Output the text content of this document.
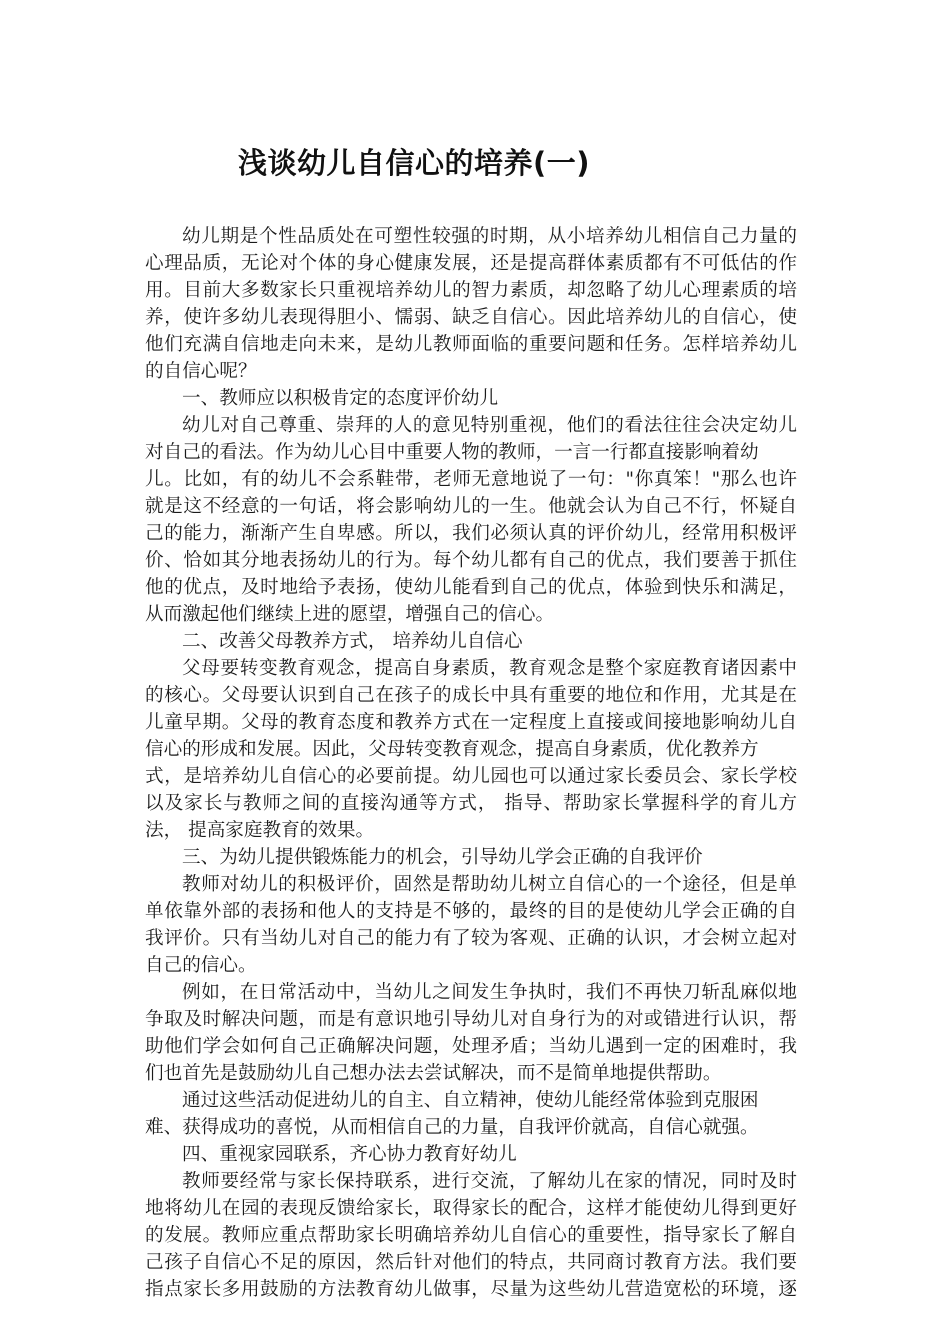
浅谈幼儿自信心的培养(一)
幼儿期是个性品质处在可塑性较强的时期，从小培养幼儿相信自己力量的
心理品质，无论对个体的身心健康发展，还是提高群体素质都有不可低估的作
用。目前大多数家长只重视培养幼儿的智力素质，却忽略了幼儿心理素质的培
养，使许多幼儿表现得胆小、懦弱、缺乏自信心。因此培养幼儿的自信心，使
他们充满自信地走向未来，是幼儿教师面临的重要问题和任务。怎样培养幼儿
的自信心呢？
一、教师应以积极肯定的态度评价幼儿
幼儿对自己尊重、崇拜的人的意见特别重视，他们的看法往往会决定幼儿
对自己的看法。作为幼儿心目中重要人物的教师，一言一行都直接影响着幼
儿。比如，有的幼儿不会系鞋带，老师无意地说了一句："你真笨！"那么也许
就是这不经意的一句话，将会影响幼儿的一生。他就会认为自己不行，怀疑自
己的能力，渐渐产生自卑感。所以，我们必须认真的评价幼儿，经常用积极评
价、恰如其分地表扬幼儿的行为。每个幼儿都有自己的优点，我们要善于抓住
他的优点，及时地给予表扬，使幼儿能看到自己的优点，体验到快乐和满足，
从而激起他们继续上进的愿望，增强自己的信心。
二、改善父母教养方式， 培养幼儿自信心
父母要转变教育观念，提高自身素质，教育观念是整个家庭教育诸因素中
的核心。父母要认识到自己在孩子的成长中具有重要的地位和作用，尤其是在
儿童早期。父母的教育态度和教养方式在一定程度上直接或间接地影响幼儿自
信心的形成和发展。因此，父母转变教育观念，提高自身素质，优化教养方
式，是培养幼儿自信心的必要前提。幼儿园也可以通过家长委员会、家长学校
以及家长与教师之间的直接沟通等方式， 指导、帮助家长掌握科学的育儿方
法， 提高家庭教育的效果。
三、为幼儿提供锻炼能力的机会，引导幼儿学会正确的自我评价
教师对幼儿的积极评价，固然是帮助幼儿树立自信心的一个途径，但是单
单依靠外部的表扬和他人的支持是不够的，最终的目的是使幼儿学会正确的自
我评价。只有当幼儿对自己的能力有了较为客观、正确的认识，才会树立起对
自己的信心。
例如，在日常活动中，当幼儿之间发生争执时，我们不再快刀斩乱麻似地
争取及时解决问题，而是有意识地引导幼儿对自身行为的对或错进行认识，帮
助他们学会如何自己正确解决问题，处理矛盾；当幼儿遇到一定的困难时，我
们也首先是鼓励幼儿自己想办法去尝试解决，而不是简单地提供帮助。
通过这些活动促进幼儿的自主、自立精神，使幼儿能经常体验到克服困
难、获得成功的喜悦，从而相信自己的力量，自我评价就高，自信心就强。
四、重视家园联系，齐心协力教育好幼儿
教师要经常与家长保持联系，进行交流，了解幼儿在家的情况，同时及时
地将幼儿在园的表现反馈给家长，取得家长的配合，这样才能使幼儿得到更好
的发展。教师应重点帮助家长明确培养幼儿自信心的重要性，指导家长了解自
己孩子自信心不足的原因，然后针对他们的特点，共同商讨教育方法。我们要
指点家长多用鼓励的方法教育幼儿做事，尽量为这些幼儿营造宽松的环境，逐
